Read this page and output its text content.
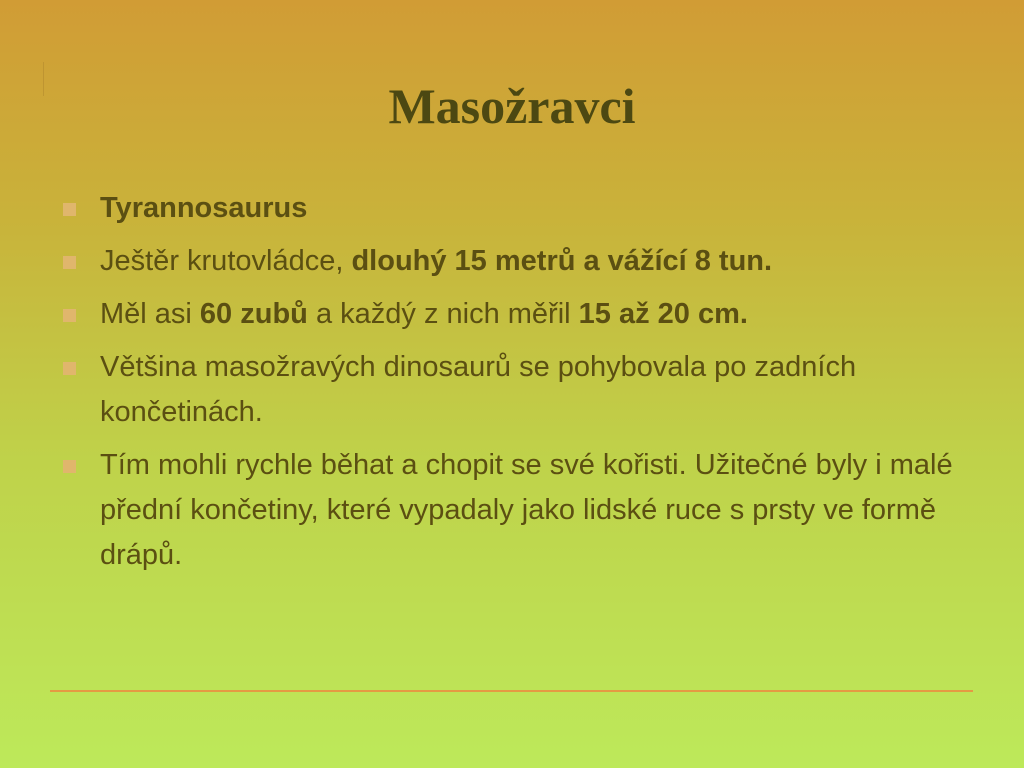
Masožravci
Tyrannosaurus
Ještěr krutovládce, dlouhý 15 metrů a vážící 8 tun.
Měl asi 60 zubů a každý z nich měřil 15 až 20 cm.
Většina masožravých dinosaurů se pohybovala po zadních končetinách.
Tím mohli rychle běhat a chopit se své kořisti. Užitečné byly i malé přední končetiny, které vypadaly jako lidské ruce s prsty ve formě drápů.
